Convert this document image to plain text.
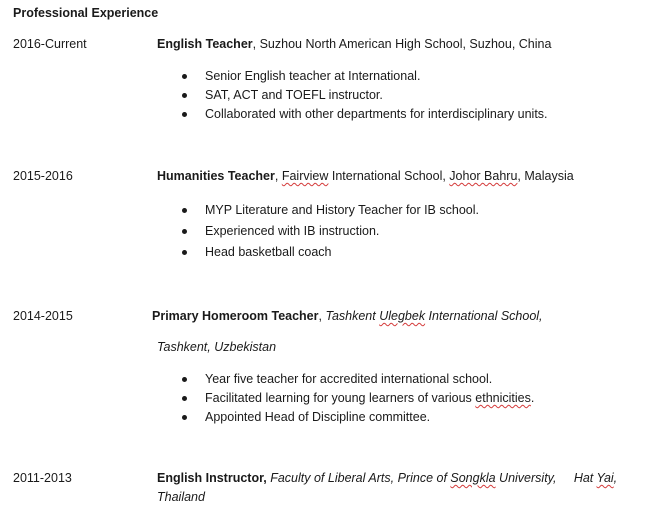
Professional Experience
2016-Current	English Teacher, Suzhou North American High School, Suzhou, China
Senior English teacher at International.
SAT, ACT and TOEFL instructor.
Collaborated with other departments for interdisciplinary units.
2015-2016	Humanities Teacher, Fairview International School, Johor Bahru, Malaysia
MYP Literature and History Teacher for IB school.
Experienced with IB instruction.
Head basketball coach
2014-2015	Primary Homeroom Teacher, Tashkent Ulegbek International School,
Tashkent, Uzbekistan
Year five teacher for accredited international school.
Facilitated learning for young learners of various ethnicities.
Appointed Head of Discipline committee.
2011-2013	English Instructor, Faculty of Liberal Arts, Prince of Songkla University,     Hat Yai,
Thailand
